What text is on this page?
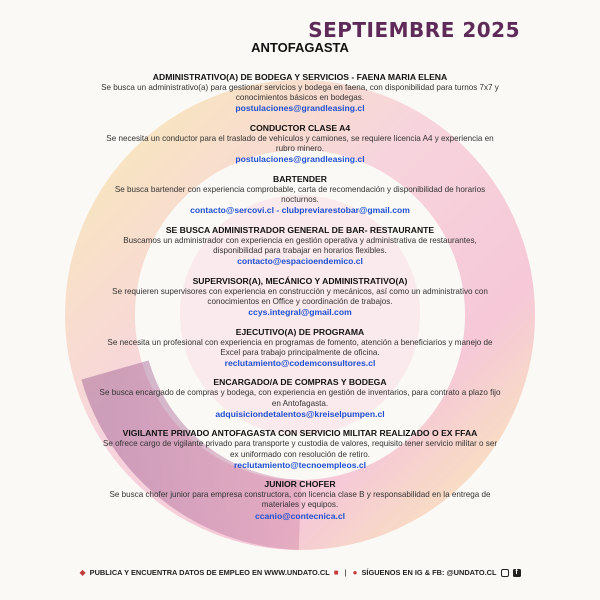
SEPTIEMBRE 2025
ANTOFAGASTA
ADMINISTRATIVO(A) DE BODEGA Y SERVICIOS - FAENA MARIA ELENA
Se busca un administrativo(a) para gestionar servicios y bodega en faena, con disponibilidad para turnos 7x7 y conocimientos básicos en bodegas.
postulaciones@grandleasing.cl
CONDUCTOR CLASE A4
Se necesita un conductor para el traslado de vehículos y camiones, se requiere licencia A4 y experiencia en rubro minero.
postulaciones@grandleasing.cl
BARTENDER
Se busca bartender con experiencia comprobable, carta de recomendación y disponibilidad de horarios nocturnos.
contacto@sercovi.cl - clubpreviarestobar@gmail.com
SE BUSCA ADMINISTRADOR GENERAL DE BAR- RESTAURANTE
Buscamos un administrador con experiencia en gestión operativa y administrativa de restaurantes, disponibilidad para trabajar en horarios flexibles.
contacto@espacioendemico.cl
SUPERVISOR(A), MECÁNICO Y ADMINISTRATIVO(A)
Se requieren supervisores con experiencia en construcción y mecánicos, así como un administrativo con conocimientos en Office y coordinación de trabajos.
ccys.integral@gmail.com
EJECUTIVO(A) DE PROGRAMA
Se necesita un profesional con experiencia en programas de fomento, atención a beneficiarios y manejo de Excel para trabajo principalmente de oficina.
reclutamiento@codemconsultores.cl
ENCARGADO/A DE COMPRAS Y BODEGA
Se busca encargado de compras y bodega, con experiencia en gestión de inventarios, para contrato a plazo fijo en Antofagasta.
adquisiciondetalentos@kreiselpumpen.cl
VIGILANTE PRIVADO ANTOFAGASTA CON SERVICIO MILITAR REALIZADO O EX FFAA
Se ofrece cargo de vigilante privado para transporte y custodia de valores, requisito tener servicio militar o ser ex uniformado con resolución de retiro.
reclutamiento@tecnoempleos.cl
JUNIOR CHOFER
Se busca chofer junior para empresa constructora, con licencia clase B y responsabilidad en la entrega de materiales y equipos.
ccanio@contecnica.cl
◆ PUBLICA Y ENCUENTRA DATOS DE EMPLEO EN WWW.UNDATO.CL ■ | ● SÍGUENOS EN IG & FB: @UNDATO.CL	f
